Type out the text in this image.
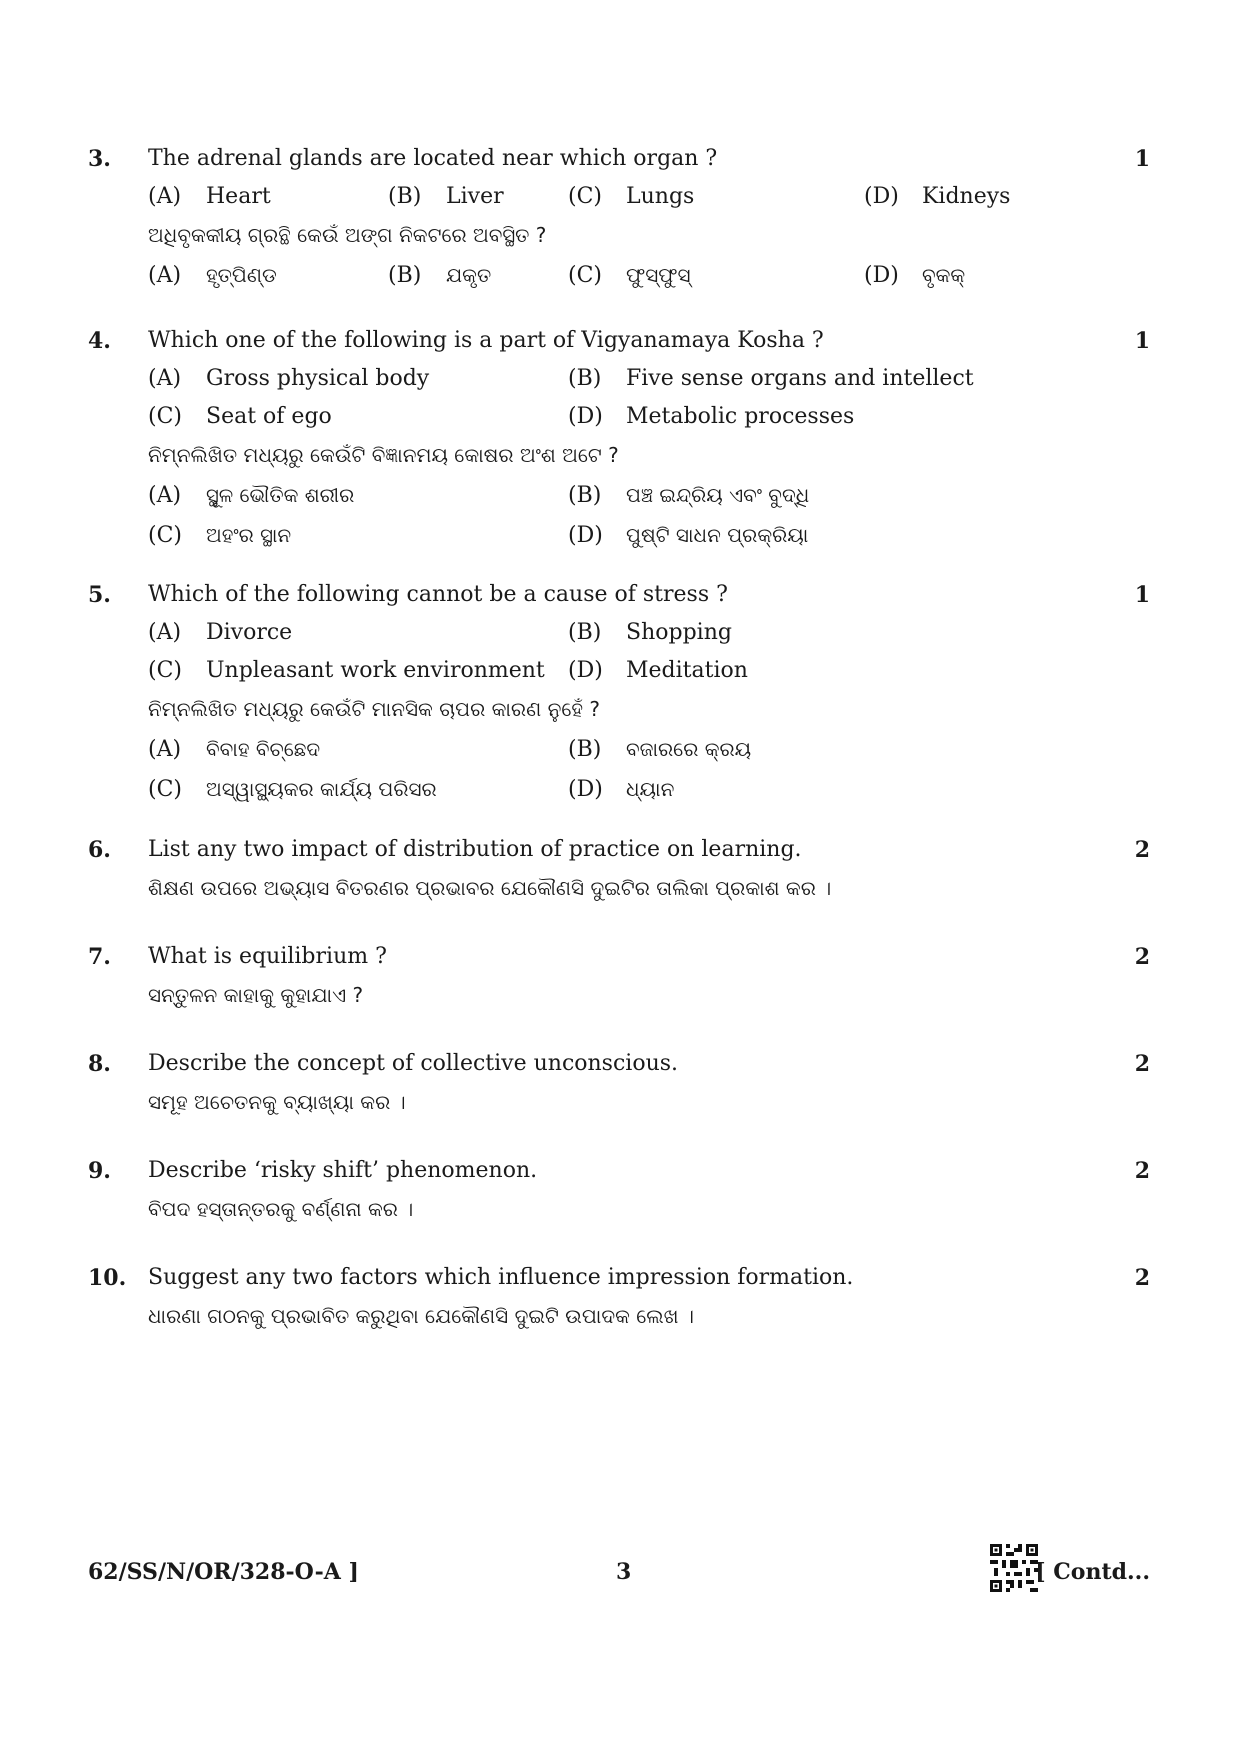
3. The adrenal glands are located near which organ ?	1
(A) Heart	(B) Liver	(C) Lungs	(D) Kidneys
ଅଧିବୃକକୀୟ ଗ୍ରନ୍ଥି କେଉଁ ଅଙ୍ଗ ନିକଟରେ ଅବସ୍ଥିତ ?
(A) ହୃତ୍‌ପିଣ୍ଡ	(B) ଯକୃତ	(C) ଫୁସ୍‌ଫୁସ୍	(D) ବୃକକ୍
4. Which one of the following is a part of Vigyanamaya Kosha ?	1
(A) Gross physical body	(B) Five sense organs and intellect
(C) Seat of ego	(D) Metabolic processes
ନିମ୍ନଲିଖିତ ମଧ୍ୟରୁ କେଉଁଟି ବିଜ୍ଞାନମୟ କୋଷର ଅଂଶ ଅଟେ ?
(A) ସ୍ଥୂଳ ଭୌତିକ ଶରୀର	(B) ପଞ୍ଚ ଇନ୍ଦ୍ରିୟ ଏବଂ ବୁଦ୍ଧି
(C) ଅହଂର ସ୍ଥାନ	(D) ପୁଷ୍ଟି ସାଧନ ପ୍ରକ୍ରିୟା
5. Which of the following cannot be a cause of stress ?	1
(A) Divorce	(B) Shopping
(C) Unpleasant work environment (D) Meditation
ନିମ୍ନଲିଖିତ ମଧ୍ୟରୁ କେଉଁଟି ମାନସିକ ଚାପର କାରଣ ନୁହେଁ ?
(A) ବିବାହ ବିଚ୍ଛେଦ	(B) ବଜାରରେ କ୍ରୟ
(C) ଅସ୍ୱାସ୍ଥ୍ୟକର କାର୍ଯ୍ୟ ପରିସର	(D) ଧ୍ୟାନ
6. List any two impact of distribution of practice on learning.	2
ଶିକ୍ଷଣ ଉପରେ ଅଭ୍ୟାସ ବିତରଣର ପ୍ରଭାବର ଯେକୌଣସି ଦୁଇଟିର ତାଲିକା ପ୍ରକାଶ କର ।
7. What is equilibrium ?	2
ସନ୍ତୁଳନ କାହାକୁ କୁହାଯାଏ ?
8. Describe the concept of collective unconscious.	2
ସମୂହ ଅଚେତନକୁ ବ୍ୟାଖ୍ୟା କର ।
9. Describe ‘risky shift’ phenomenon.	2
ବିପଦ ହସ୍ତାନ୍ତରକୁ ବର୍ଣ୍ଣନା କର ।
10. Suggest any two factors which influence impression formation.	2
ଧାରଣା ଗଠନକୁ ପ୍ରଭାବିତ କରୁଥିବା ଯେକୌଣସି ଦୁଇଟି ଉପାଦକ ଲେଖ ।
62/SS/N/OR/328-O-A ]	3	[ Contd...
